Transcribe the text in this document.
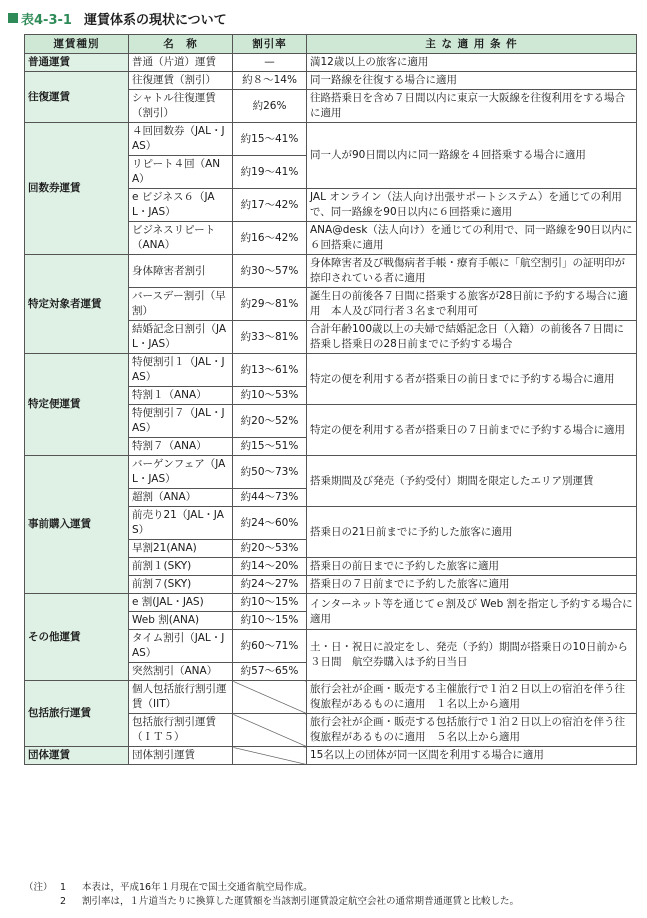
表4-3-1 運賃体系の現状について
運賃種別	名　称	割引率	主 な 適 用 条 件
普通運賃	普通（片道）運賃	—	満12歳以上の旅客に適用
往復運賃	往復運賃（割引）	約８～14%	同一路線を往復する場合に適用
	シャトル往復運賃（割引）	約26%	往路搭乗日を含め７日間以内に東京一大阪線を往復利用をする場合に適用
回数券運賃	４回回数券（JAL・JAS）	約15～41%	同一人が90日間以内に同一路線を４回搭乗する場合に適用
	リピート４回（ANA）	約19～41%	
	e ビジネス６（JAL・JAS）	約17～42%	JAL オンライン（法人向け出張サポートシステム）を通じての利用で、同一路線を90日以内に６回搭乗に適用
	ビジネスリピート（ANA）	約16～42%	ANA@desk（法人向け）を通じての利用で、同一路線を90日以内に６回搭乗に適用
特定対象者運賃	身体障害者割引	約30～57%	身体障害者及び戦傷病者手帳・療育手帳に「航空割引」の証明印が捺印されている者に適用
	バースデー割引（早割）	約29～81%	誕生日の前後各７日間に搭乗する旅客が28日前に予約する場合に適用　本人及び同行者３名まで利用可
	結婚記念日割引（JAL・JAS）	約33～81%	合計年齢100歳以上の夫婦で結婚記念日（入籍）の前後各７日間に搭乗し搭乗日の28日前までに予約する場合
特定便運賃	特便割引１（JAL・JAS）	約13～61%	特定の便を利用する者が搭乗日の前日までに予約する場合に適用
	特割１（ANA）	約10～53%	
	特便割引７（JAL・JAS）	約20～52%	特定の便を利用する者が搭乗日の７日前までに予約する場合に適用
	特割７（ANA）	約15～51%	
事前購入運賃	バーゲンフェア（JAL・JAS）	約50～73%	搭乗期間及び発売（予約受付）期間を限定したエリア別運賃
	超割（ANA）	約44～73%	
	前売り21（JAL・JAS）	約24～60%	搭乗日の21日前までに予約した旅客に適用
	早割21(ANA)	約20～53%	
	前割１(SKY)	約14～20%	搭乗日の前日までに予約した旅客に適用
	前割７(SKY)	約24～27%	搭乗日の７日前までに予約した旅客に適用
その他運賃	e 割(JAL・JAS)	約10～15%	インターネット等を通じてｅ割及び Web 割を指定し予約する場合に適用
	Web 割(ANA)	約10～15%	
	タイム割引（JAL・JAS）	約60～71%	土・日・祝日に設定をし、発売（予約）期間が搭乗日の10日前から３日間　航空券購入は予約日当日
	突然割引（ANA）	約57～65%	
包括旅行運賃	個人包括旅行割引運賃（IIT）		旅行会社が企画・販売する主催旅行で１泊２日以上の宿泊を伴う往復旅程があるものに適用　１名以上から適用
	包括旅行割引運賃（ＩＴ５）		旅行会社が企画・販売する包括旅行で１泊２日以上の宿泊を伴う往復旅程があるものに適用　５名以上から適用
団体運賃	団体割引運賃		15名以上の団体が同一区間を利用する場合に適用
（注） 1	本表は，平成16年１月現在で国土交通省航空局作成。
2	割引率は，１片道当たりに換算した運賃額を当該割引運賃設定航空会社の通常期普通運賃と比較した。
